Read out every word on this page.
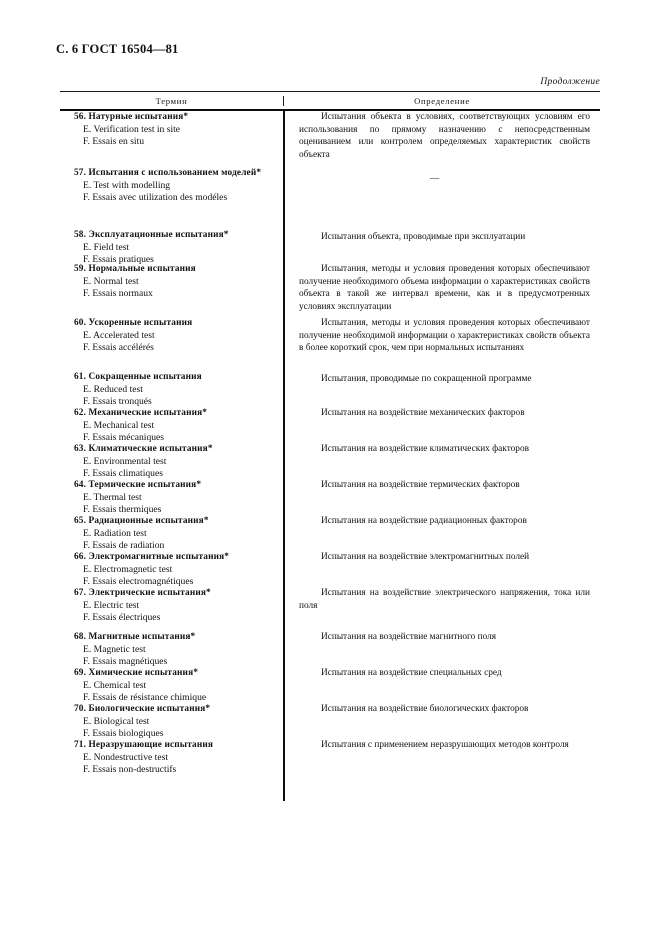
С. 6 ГОСТ 16504—81
Продолжение
Термин	Определение
56. Натурные испытания*
E. Verification test in site
F. Essais en situ
57. Испытания с использованием моделей*
E. Test with modelling
F. Essais avec utilization des modéles
58. Эксплуатационные испытания*
E. Field test
F. Essais pratiques
59. Нормальные испытания
E. Normal test
F. Essais normaux
60. Ускоренные испытания
E. Accelerated test
F. Essais accélérés
61. Сокращенные испытания
E. Reduced test
F. Essais tronqués
62. Механические испытания*
E. Mechanical test
F. Essais mécaniques
63. Климатические испытания*
E. Environmental test
F. Essais climatiques
64. Термические испытания*
E. Thermal test
F. Essais thermiques
65. Радиационные испытания*
E. Radiation test
F. Essais de radiation
66. Электромагнитные испытания*
E. Electromagnetic test
F. Essais electromagnétiques
67. Электрические испытания*
E. Electric test
F. Essais électriques
68. Магнитные испытания*
E. Magnetic test
F. Essais magnétiques
69. Химические испытания*
E. Chemical test
F. Essais de résistance chimique
70. Биологические испытания*
E. Biological test
F. Essais biologiques
71. Неразрушающие испытания
E. Nondestructive test
F. Essais non-destructifs
Испытания объекта в условиях, соответствующих условиям его использования по прямому назначению с непосредственным оцениванием или контролем определяемых характеристик свойств объекта
—
Испытания объекта, проводимые при эксплуатации
Испытания, методы и условия проведения которых обеспечивают получение необходимого объема информации о характеристиках свойств объекта в такой же интервал времени, как и в предусмотренных условиях эксплуатации
Испытания, методы и условия проведения которых обеспечивают получение необходимой информации о характеристиках свойств объекта в более короткий срок, чем при нормальных испытаниях
Испытания, проводимые по сокращенной программе
Испытания на воздействие механических факторов
Испытания на воздействие климатических факторов
Испытания на воздействие термических факторов
Испытания на воздействие радиационных факторов
Испытания на воздействие электромагнитных полей
Испытания на воздействие электрического напряжения, тока или поля
Испытания на воздействие магнитного поля
Испытания на воздействие специальных сред
Испытания на воздействие биологических факторов
Испытания с применением неразрушающих методов контроля
